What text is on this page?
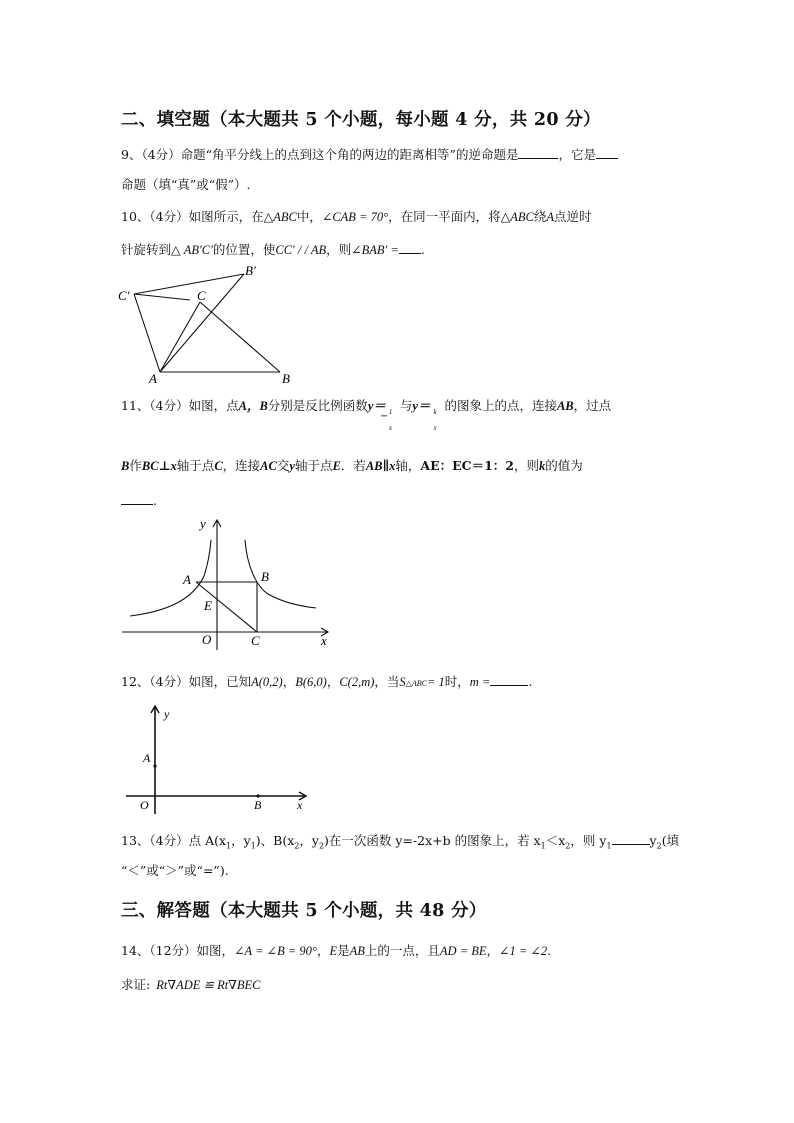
二、填空题（本大题共 5 个小题，每小题 4 分，共 20 分）
9、（4分）命题“角平分线上的点到这个角的两边的距离相等”的逆命题是	，它是
命题（填“真”或“假”）.
10、（4分）如图所示，在△ABC中，∠CAB = 70°，在同一平面内，将△ABC绕A点逆时
针旋转到△ AB′C′的位置，使CC′ / / AB，则∠BAB′ = .
C′	C
B′
A	B
11、（4分）如图，点A，B分别是反比例函数y＝
− 1
x
与y＝ k
x
的图象上的点，连接AB，过点
B作BC⊥x轴于点C，连接AC交y轴于点E．若AB∥x轴，AE：EC＝1：2，则k的值为
.
y
A	B
E
O	C	x
12、（4分）如图，已知A(0,2)，B(6,0)，C(2,m)，当S△ABC= 1时，m =	.
y
A
O	B	x
13、（4分）点 $A(x_1$，$y_1$)、$B(x_2$，$y_2$)在一次函数 y=-2x+b 的图象上，若 $x_1<x_2$，则 $y_1$	$y_2$(填
“＜”或“＞”或“=”).
三、解答题（本大题共 5 个小题，共 48 分）
14、（12分）如图，∠A = ∠B = 90°，E是AB上的一点，且AD = BE，∠1 = ∠2.
求证: Rt∇ADE ≌ Rt∇BEC
